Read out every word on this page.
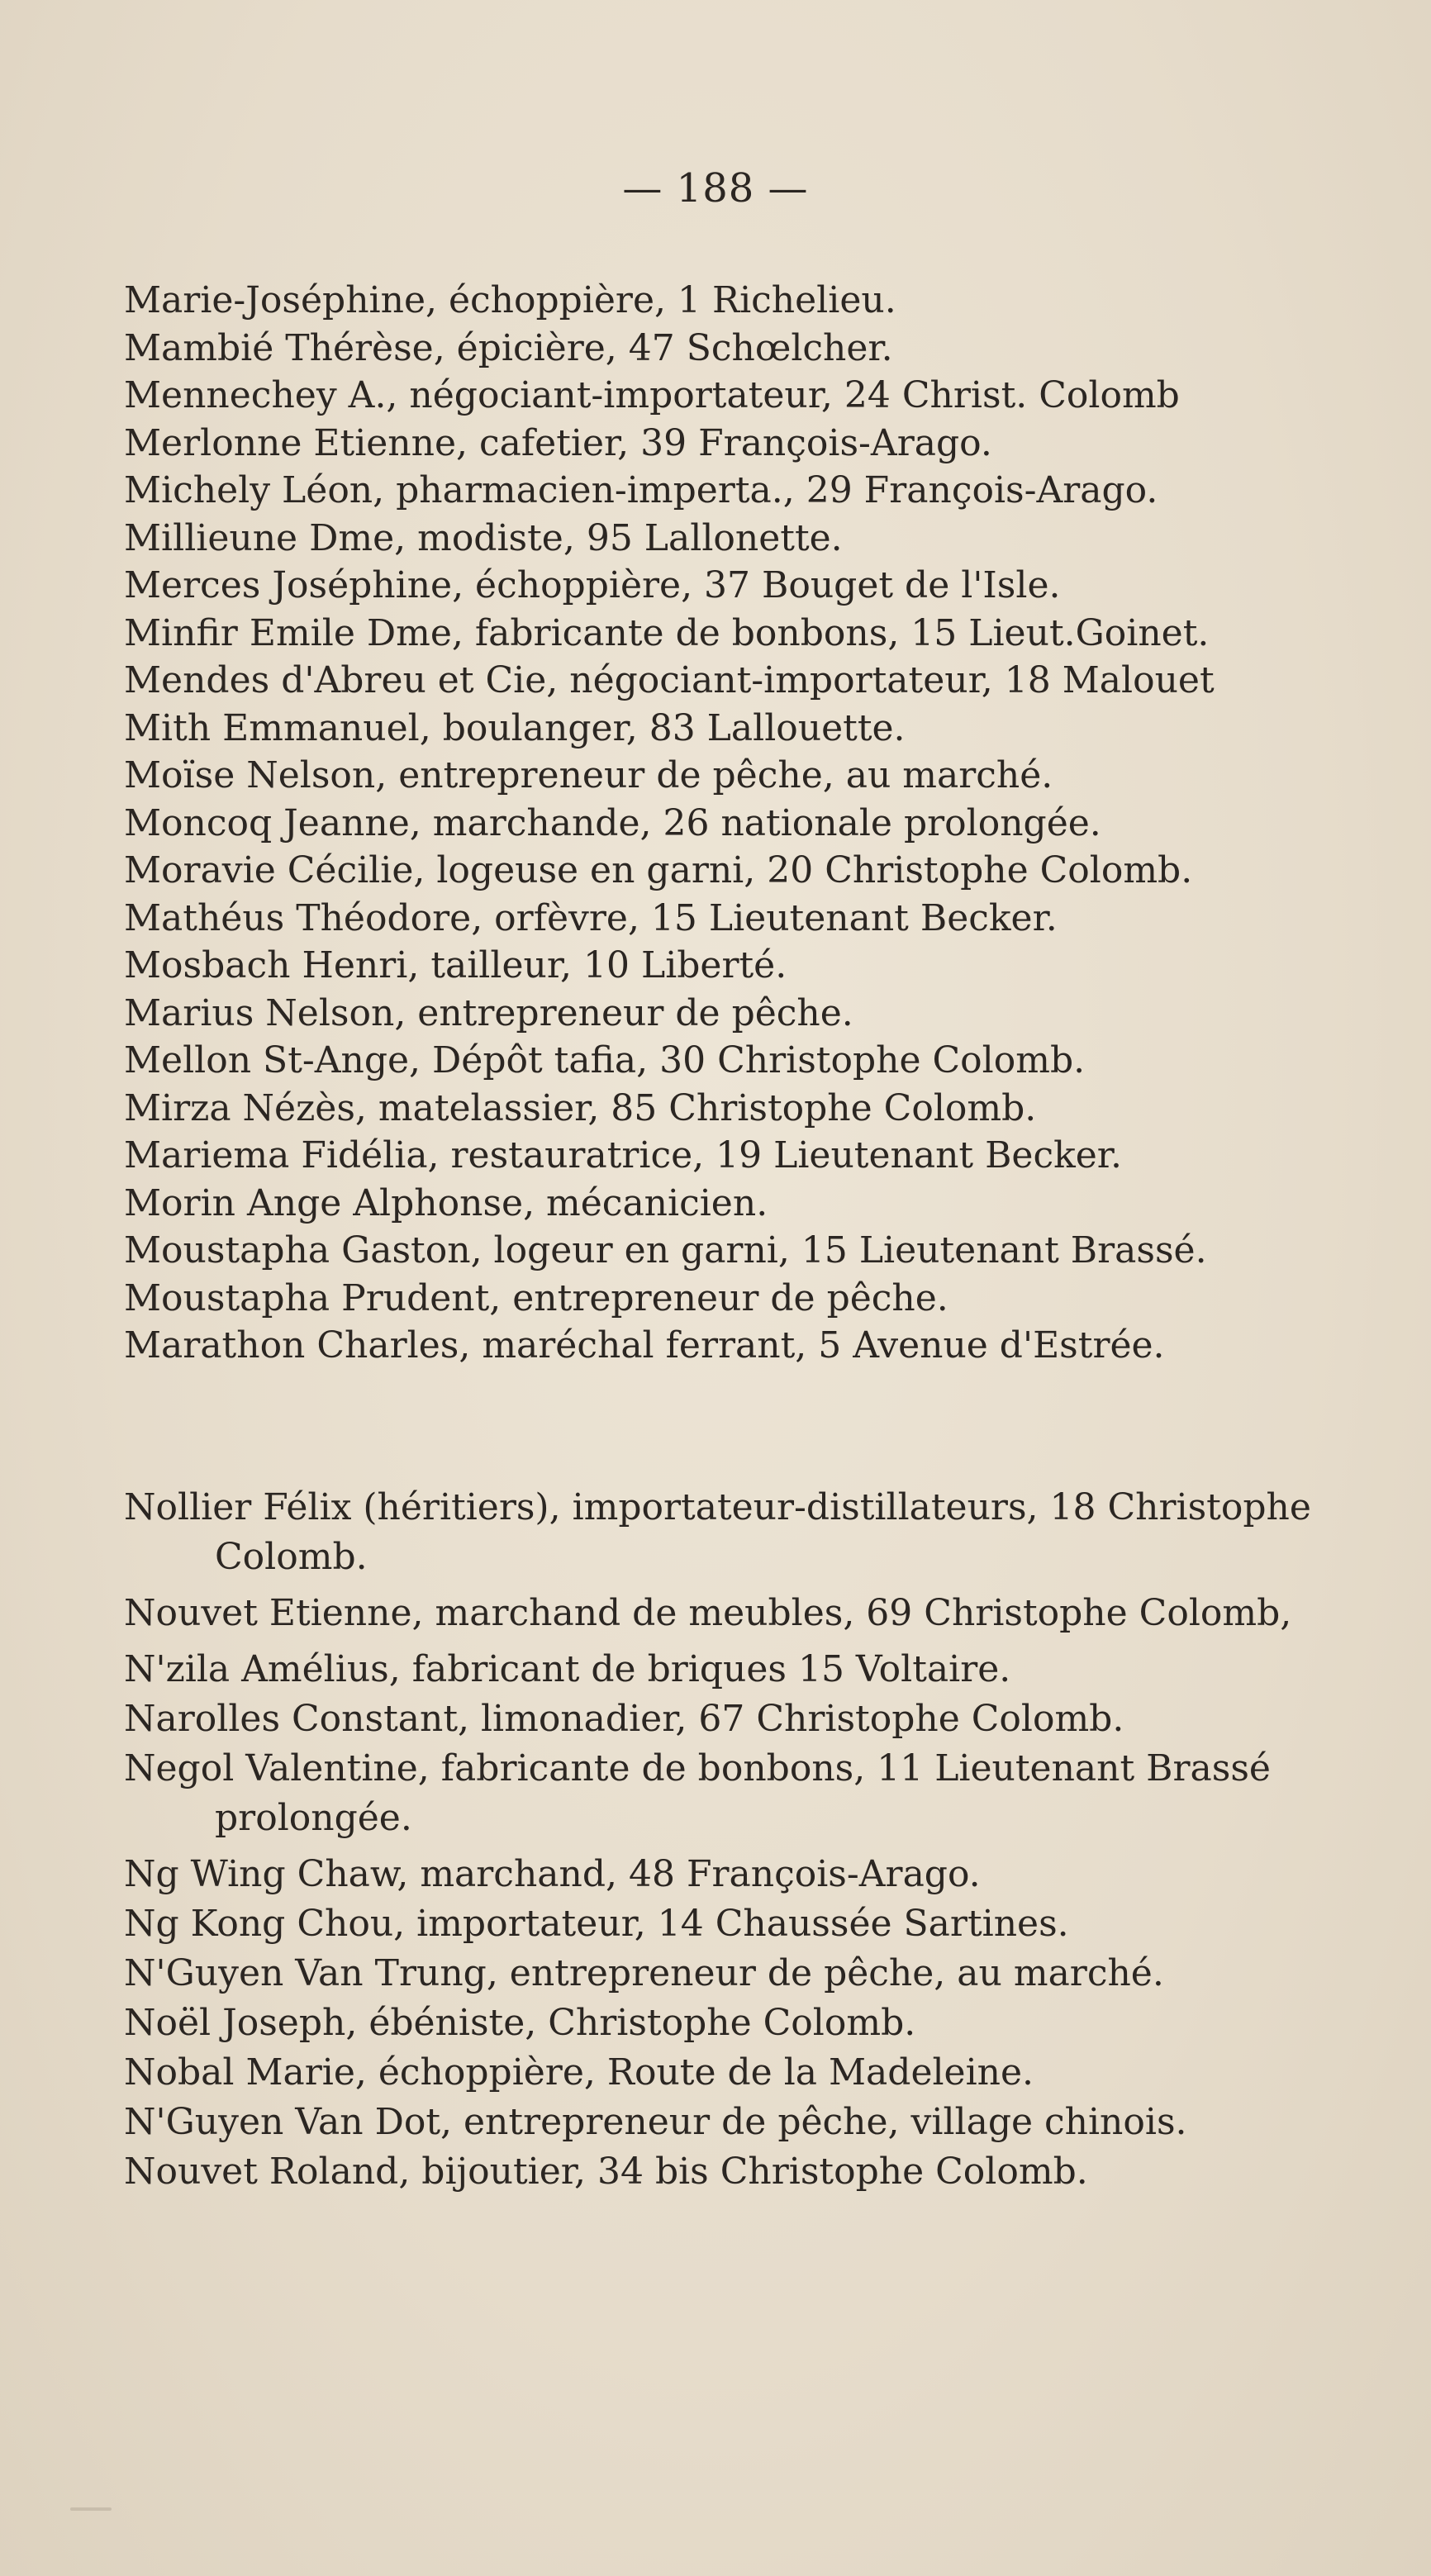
— 188 —
Marie-Joséphine, échoppière, 1 Richelieu.
Mambié Thérèse, épicière, 47 Schœlcher.
Mennechey A., négociant-importateur, 24 Christ. Colomb
Merlonne Etienne, cafetier, 39 François-Arago.
Michely Léon, pharmacien-imperta., 29 François-Arago.
Millieune Dme, modiste, 95 Lallonette.
Merces Joséphine, échoppière, 37 Bouget de l'Isle.
Minfir Emile Dme, fabricante de bonbons, 15 Lieut.Goinet.
Mendes d'Abreu et Cie, négociant-importateur, 18 Malouet
Mith Emmanuel, boulanger, 83 Lallouette.
Moïse Nelson, entrepreneur de pêche, au marché.
Moncoq Jeanne, marchande, 26 nationale prolongée.
Moravie Cécilie, logeuse en garni, 20 Christophe Colomb.
Mathéus Théodore, orfèvre, 15 Lieutenant Becker.
Mosbach Henri, tailleur, 10 Liberté.
Marius Nelson, entrepreneur de pêche.
Mellon St-Ange, Dépôt tafia, 30 Christophe Colomb.
Mirza Nézès, matelassier, 85 Christophe Colomb.
Mariema Fidélia, restauratrice, 19 Lieutenant Becker.
Morin Ange Alphonse, mécanicien.
Moustapha Gaston, logeur en garni, 15 Lieutenant Brassé.
Moustapha Prudent, entrepreneur de pêche.
Marathon Charles, maréchal ferrant, 5 Avenue d'Estrée.
Nollier Félix (héritiers), importateur-distillateurs, 18 Christophe Colomb.
Nouvet Etienne, marchand de meubles, 69 Christophe Colomb,
N'zila Amélius, fabricant de briques 15 Voltaire.
Narolles Constant, limonadier, 67 Christophe Colomb.
Negol Valentine, fabricante de bonbons, 11 Lieutenant Brassé prolongée.
Ng Wing Chaw, marchand, 48 François-Arago.
Ng Kong Chou, importateur, 14 Chaussée Sartines.
N'Guyen Van Trung, entrepreneur de pêche, au marché.
Noël Joseph, ébéniste, Christophe Colomb.
Nobal Marie, échoppière, Route de la Madeleine.
N'Guyen Van Dot, entrepreneur de pêche, village chinois.
Nouvet Roland, bijoutier, 34 bis Christophe Colomb.
